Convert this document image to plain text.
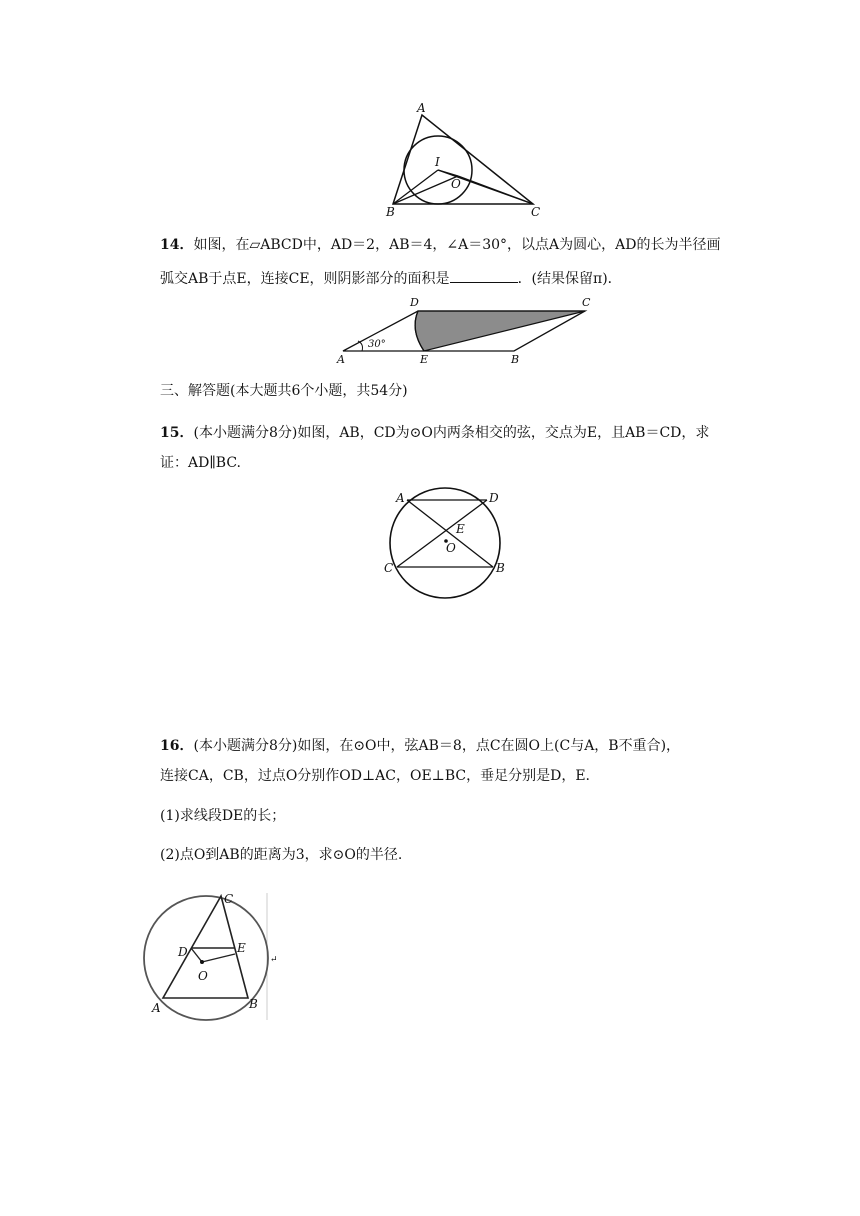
A
B	C
I
O
14．如图，在▱ABCD中，AD＝2，AB＝4，∠A＝30°，以点A为圆心，AD的长为半径画
弧交AB于点E，连接CE，则阴影部分的面积是	．(结果保留π)．
D	C
A	E	B
30°
三、解答题(本大题共6个小题，共54分)
15．(本小题满分8分)如图，AB，CD为⊙O内两条相交的弦，交点为E，且AB＝CD，求
证：AD∥BC.
A	D
E
O
C	B
16．(本小题满分8分)如图，在⊙O中，弦AB＝8，点C在圆O上(C与A，B不重合)，
连接CA，CB，过点O分别作OD⊥AC，OE⊥BC，垂足分别是D，E.
(1)求线段DE的长；
(2)点O到AB的距离为3，求⊙O的半径.
C
D	E
O
A	B
↵
